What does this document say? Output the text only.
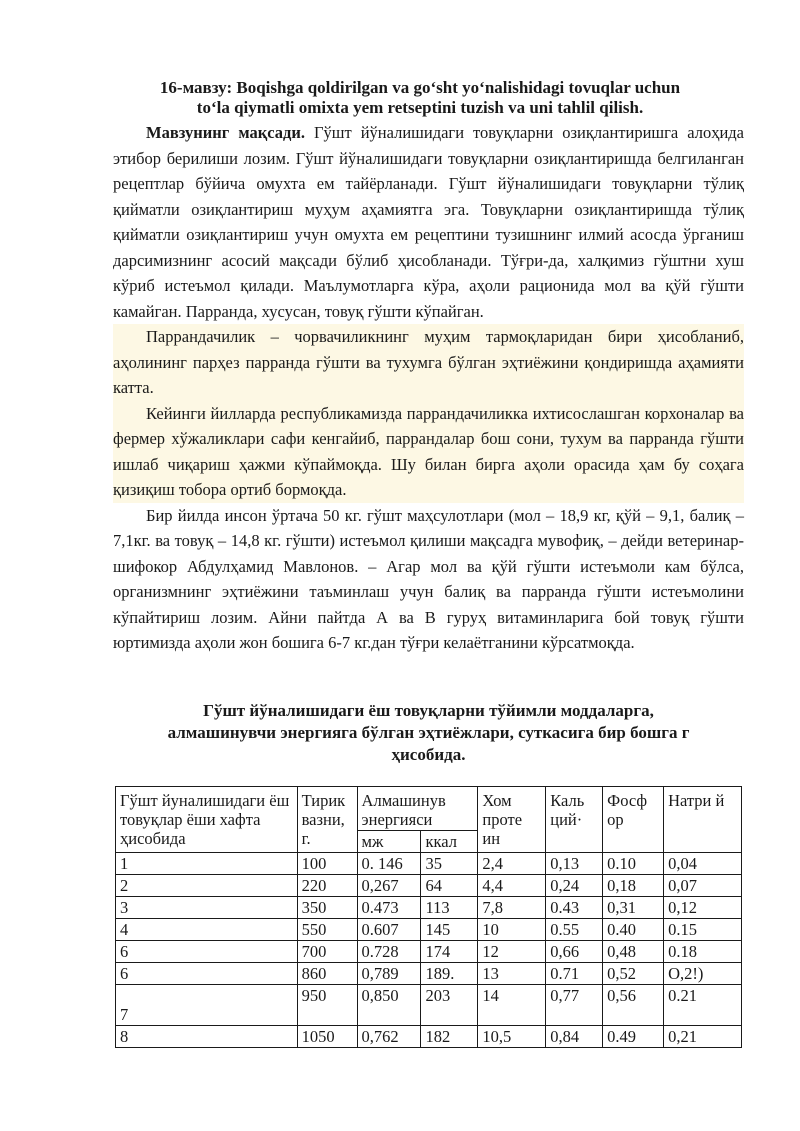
16-мавзу: Boqishga qoldirilgan va go‘sht yo‘nalishidagi tovuqlar uchun
to‘la qiymatli omixta yem retseptini tuzish va uni tahlil qilish.

Мавзунинг мақсади. Гўшт йўналишидаги товуқларни озиқлантиришга алоҳида этибор берилиши лозим. Гўшт йўналишидаги товуқларни озиқлантиришда белгиланган рецептлар бўйича омухта ем тайёрланади. Гўшт йўналишидаги товуқларни тўлиқ қийматли озиқлантириш муҳум аҳамиятга эга. Товуқларни озиқлантиришда тўлиқ қийматли озиқлантириш учун омухта ем рецептини тузишнинг илмий асосда ўрганиш дарсимизнинг асосий мақсади бўлиб ҳисобланади. Тўғри-да, халқимиз гўштни хуш кўриб истеъмол қилади. Маълумотларга кўра, аҳоли рационида мол ва қўй гўшти камайган. Парранда, хусусан, товуқ гўшти кўпайган.

Паррандачилик – чорвачиликнинг муҳим тармоқларидан бири ҳисобланиб, аҳолининг парҳез парранда гўшти ва тухумга бўлган эҳтиёжини қондиришда аҳамияти катта.

Кейинги йилларда республикамизда паррандачиликка ихтисослашган корхоналар ва фермер хўжаликлари сафи кенгайиб, паррандалар бош сони, тухум ва парранда гўшти ишлаб чиқариш ҳажми кўпаймоқда. Шу билан бирга аҳоли орасида ҳам бу соҳага қизиқиш тобора ортиб бормоқда.

Бир йилда инсон ўртача 50 кг. гўшт маҳсулотлари (мол – 18,9 кг, қўй – 9,1, балиқ – 7,1кг. ва товуқ – 14,8 кг. гўшти) истеъмол қилиши мақсадга мувофиқ, – дейди ветеринар-шифокор Абдулҳамид Мавлонов. – Агар мол ва қўй гўшти истеъмоли кам бўлса, организмнинг эҳтиёжини таъминлаш учун балиқ ва парранда гўшти истеъмолини кўпайтириш лозим. Айни пайтда А ва В гуруҳ витаминларига бой товуқ гўшти юртимизда аҳоли жон бошига 6-7 кг.дан тўғри келаётганини кўрсатмоқда.

Гўшт йўналишидаги ёш товуқларни тўйимли моддаларга,
алмашинувчи энергияга бўлган эҳтиёжлари, суткасига бир бошга г
ҳисобида.
Гўшт йуналишидаги ёш товуқлар ёши хафта ҳисобида	Тирик вазни, г.	Алмашинув энергияси		Хом проте ин	Каль ций·	Фосф ор	Натри й
		мж	ккал				
1	100	0. 146	35	2,4	0,13	0.10	0,04
2	220	0,267	64	4,4	0,24	0,18	0,07
3	350	0.473	113	7,8	0.43	0,31	0,12
4	550	0.607	145	10	0.55	0.40	0.15
6	700	0.728	174	12	0,66	0,48	0.18
6	860	0,789	189.	13	0.71	0,52	O,2!)
7	950	0,850	203	14	0,77	0,56	0.21
8	1050	0,762	182	10,5	0,84	0.49	0,21
